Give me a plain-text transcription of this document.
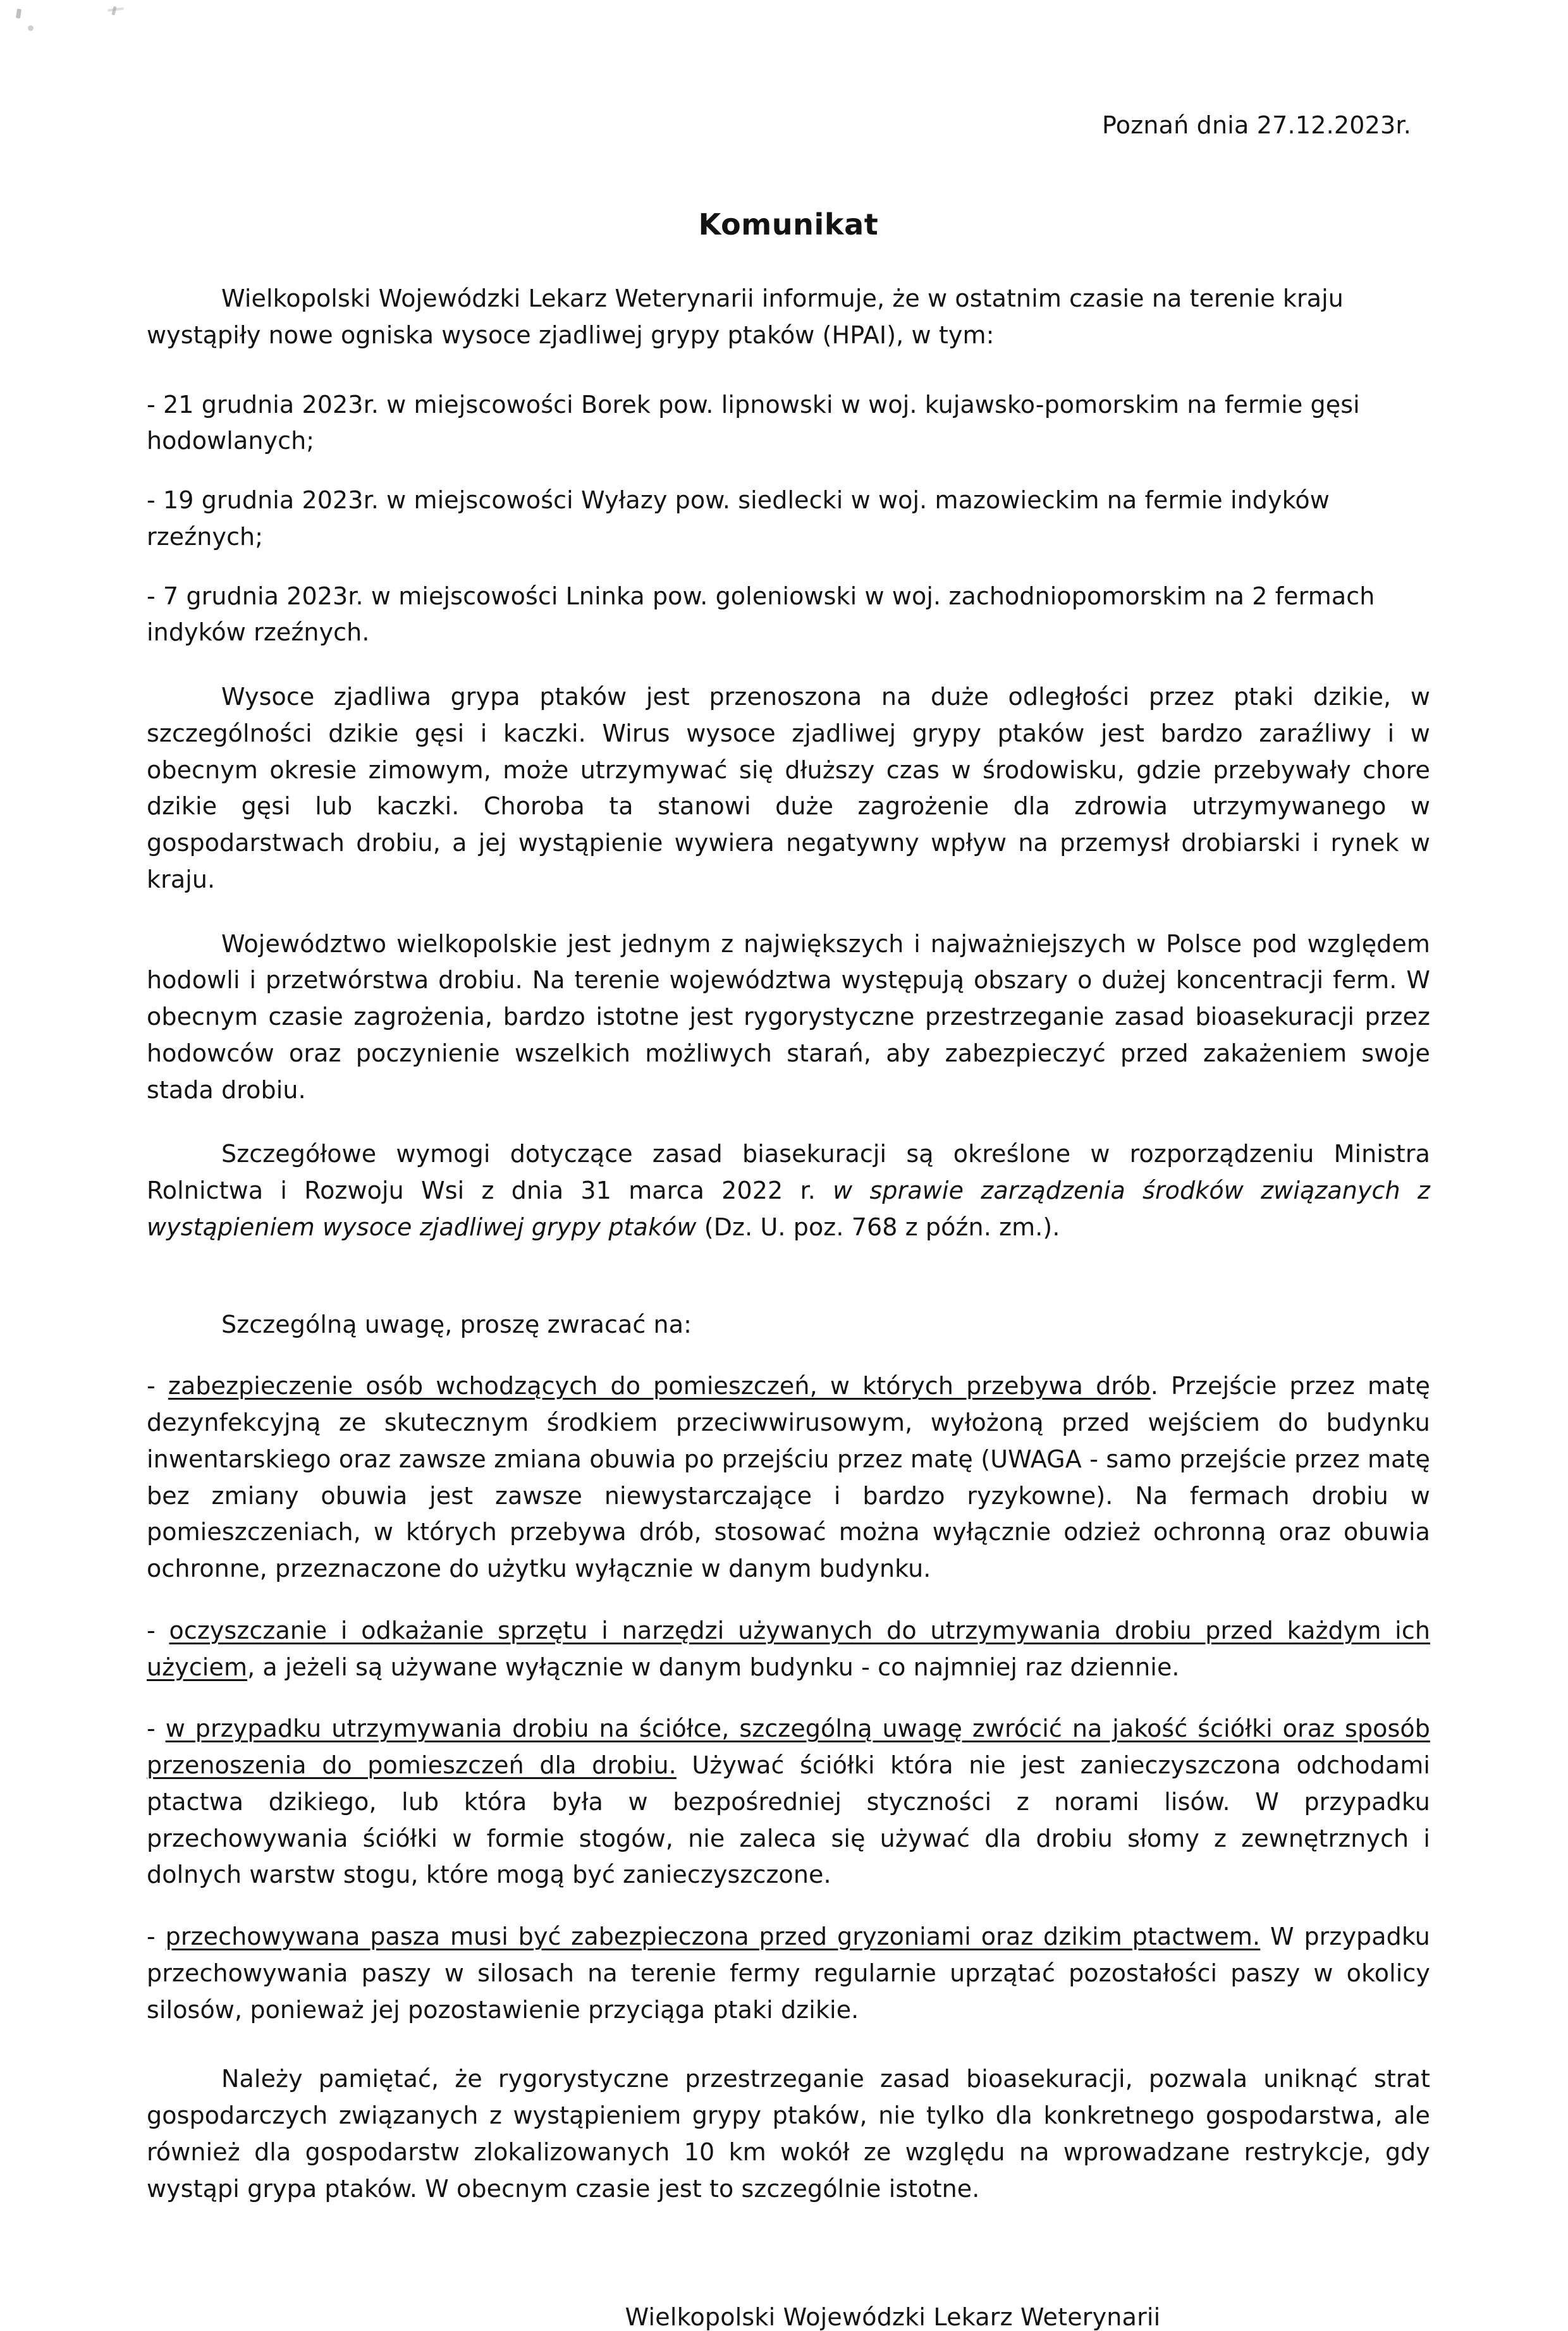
Poznań dnia 27.12.2023r.
Komunikat

Wielkopolski Wojewódzki Lekarz Weterynarii informuje, że w ostatnim czasie na terenie kraju wystąpiły nowe ogniska wysoce zjadliwej grypy ptaków (HPAI), w tym:

- 21 grudnia 2023r. w miejscowości Borek pow. lipnowski w woj. kujawsko-pomorskim na fermie gęsi hodowlanych;

- 19 grudnia 2023r. w miejscowości Wyłazy pow. siedlecki w woj. mazowieckim na fermie indyków rzeźnych;

- 7 grudnia 2023r. w miejscowości Lninka pow. goleniowski w woj. zachodniopomorskim na 2 fermach indyków rzeźnych.

Wysoce zjadliwa grypa ptaków jest przenoszona na duże odległości przez ptaki dzikie, w szczególności dzikie gęsi i kaczki. Wirus wysoce zjadliwej grypy ptaków jest bardzo zaraźliwy i w obecnym okresie zimowym, może utrzymywać się dłuższy czas w środowisku, gdzie przebywały chore dzikie gęsi lub kaczki. Choroba ta stanowi duże zagrożenie dla zdrowia utrzymywanego w gospodarstwach drobiu, a jej wystąpienie wywiera negatywny wpływ na przemysł drobiarski i rynek w kraju.

Województwo wielkopolskie jest jednym z największych i najważniejszych w Polsce pod względem hodowli i przetwórstwa drobiu. Na terenie województwa występują obszary o dużej koncentracji ferm. W obecnym czasie zagrożenia, bardzo istotne jest rygorystyczne przestrzeganie zasad bioasekuracji przez hodowców oraz poczynienie wszelkich możliwych starań, aby zabezpieczyć przed zakażeniem swoje stada drobiu.

Szczegółowe wymogi dotyczące zasad biasekuracji są określone w rozporządzeniu Ministra Rolnictwa i Rozwoju Wsi z dnia 31 marca 2022 r. w sprawie zarządzenia środków związanych z wystąpieniem wysoce zjadliwej grypy ptaków (Dz. U. poz. 768 z późn. zm.).

Szczególną uwagę, proszę zwracać na:

- zabezpieczenie osób wchodzących do pomieszczeń, w których przebywa drób. Przejście przez matę dezynfekcyjną ze skutecznym środkiem przeciwwirusowym, wyłożoną przed wejściem do budynku inwentarskiego oraz zawsze zmiana obuwia po przejściu przez matę (UWAGA - samo przejście przez matę bez zmiany obuwia jest zawsze niewystarczające i bardzo ryzykowne). Na fermach drobiu w pomieszczeniach, w których przebywa drób, stosować można wyłącznie odzież ochronną oraz obuwia ochronne, przeznaczone do użytku wyłącznie w danym budynku.

- oczyszczanie i odkażanie sprzętu i narzędzi używanych do utrzymywania drobiu przed każdym ich użyciem, a jeżeli są używane wyłącznie w danym budynku - co najmniej raz dziennie.

- w przypadku utrzymywania drobiu na ściółce, szczególną uwagę zwrócić na jakość ściółki oraz sposób przenoszenia do pomieszczeń dla drobiu. Używać ściółki która nie jest zanieczyszczona odchodami ptactwa dzikiego, lub która była w bezpośredniej styczności z norami lisów. W przypadku przechowywania ściółki w formie stogów, nie zaleca się używać dla drobiu słomy z zewnętrznych i dolnych warstw stogu, które mogą być zanieczyszczone.

- przechowywana pasza musi być zabezpieczona przed gryzoniami oraz dzikim ptactwem. W przypadku przechowywania paszy w silosach na terenie fermy regularnie uprzątać pozostałości paszy w okolicy silosów, ponieważ jej pozostawienie przyciąga ptaki dzikie.

Należy pamiętać, że rygorystyczne przestrzeganie zasad bioasekuracji, pozwala uniknąć strat gospodarczych związanych z wystąpieniem grypy ptaków, nie tylko dla konkretnego gospodarstwa, ale również dla gospodarstw zlokalizowanych 10 km wokół ze względu na wprowadzane restrykcje, gdy wystąpi grypa ptaków. W obecnym czasie jest to szczególnie istotne.

Wielkopolski Wojewódzki Lekarz Weterynarii
